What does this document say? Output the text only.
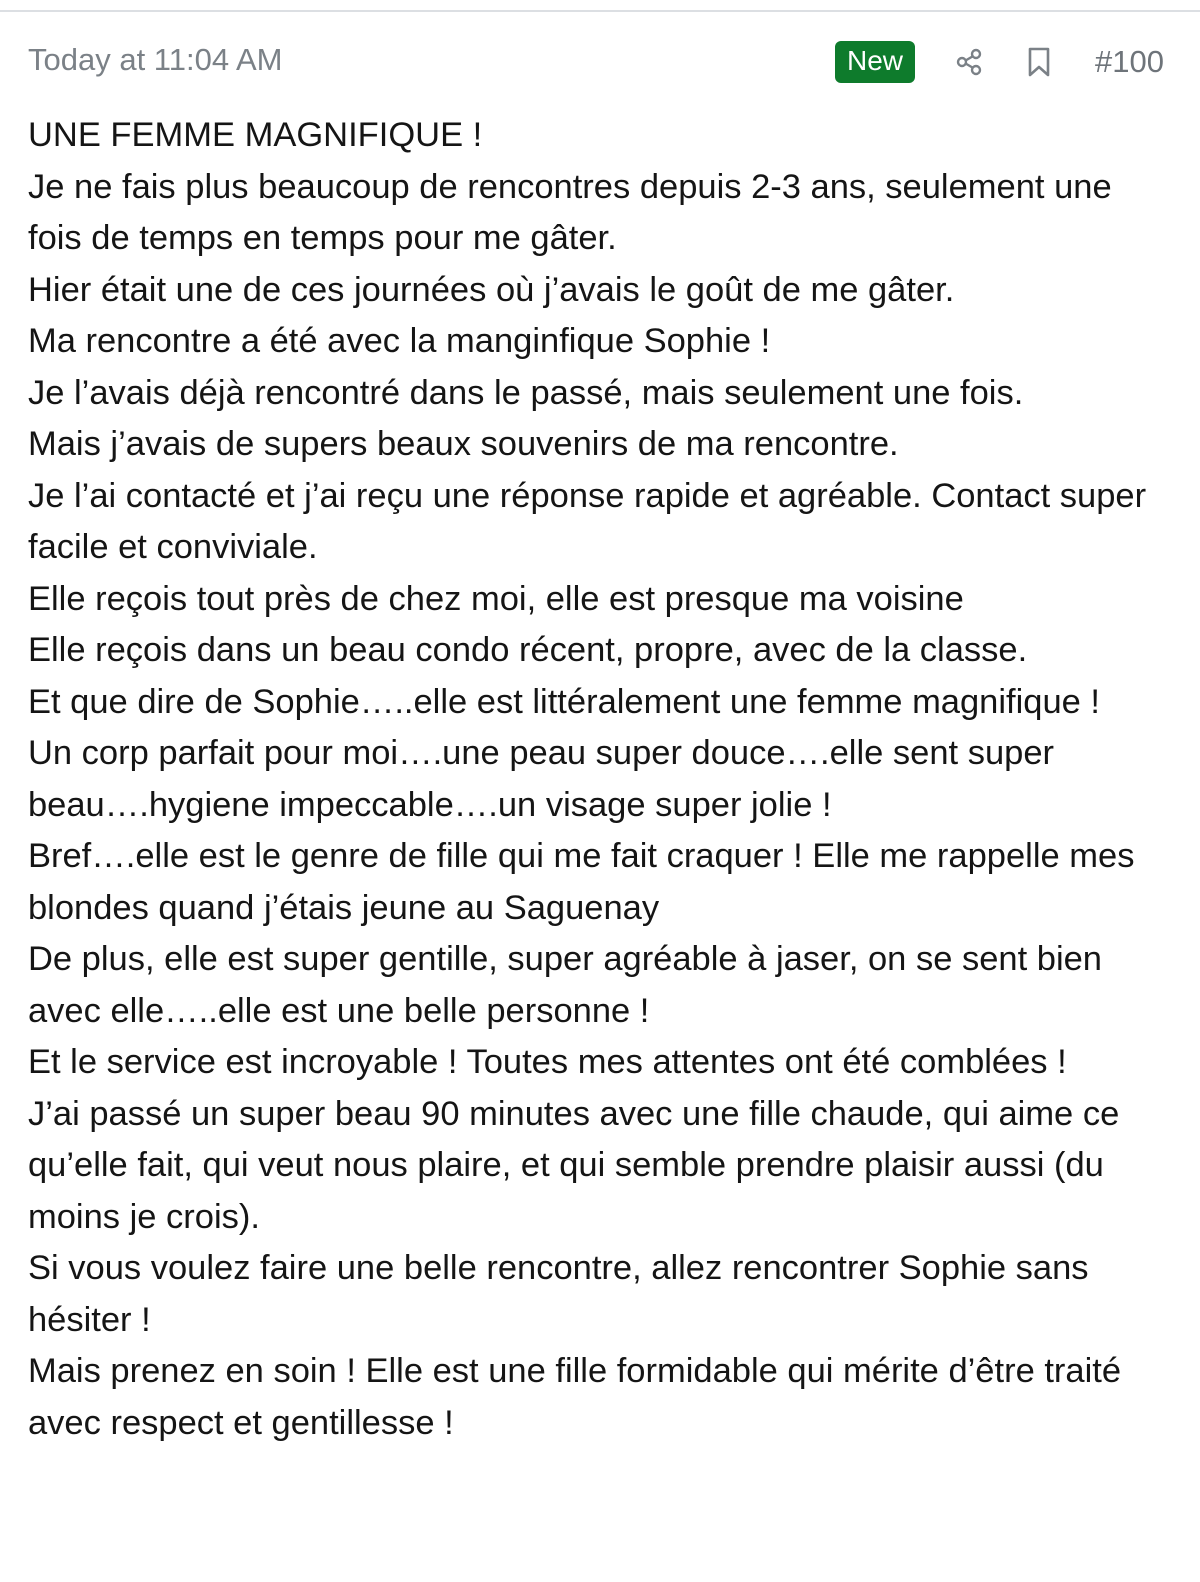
Today at 11:04 AM	New	#100

UNE FEMME MAGNIFIQUE !

Je ne fais plus beaucoup de rencontres depuis 2-3 ans, seulement une fois de temps en temps pour me gâter.

Hier était une de ces journées où j’avais le goût de me gâter.

Ma rencontre a été avec la manginfique Sophie !

Je l’avais déjà rencontré dans le passé, mais seulement une fois.

Mais j’avais de supers beaux souvenirs de ma rencontre.

Je l’ai contacté et j’ai reçu une réponse rapide et agréable. Contact super facile et conviviale.

Elle reçois tout près de chez moi, elle est presque ma voisine

Elle reçois dans un beau condo récent, propre, avec de la classe.

Et que dire de Sophie…..elle est littéralement une femme magnifique !

Un corp parfait pour moi….une peau super douce….elle sent super beau….hygiene impeccable….un visage super jolie !

Bref….elle est le genre de fille qui me fait craquer ! Elle me rappelle mes blondes quand j’étais jeune au Saguenay

De plus, elle est super gentille, super agréable à jaser, on se sent bien avec elle…..elle est une belle personne !

Et le service est incroyable ! Toutes mes attentes ont été comblées !

J’ai passé un super beau 90 minutes avec une fille chaude, qui aime ce qu’elle fait, qui veut nous plaire, et qui semble prendre plaisir aussi (du moins je crois).

Si vous voulez faire une belle rencontre, allez rencontrer Sophie sans hésiter !

Mais prenez en soin ! Elle est une fille formidable qui mérite d’être traité avec respect et gentillesse !
